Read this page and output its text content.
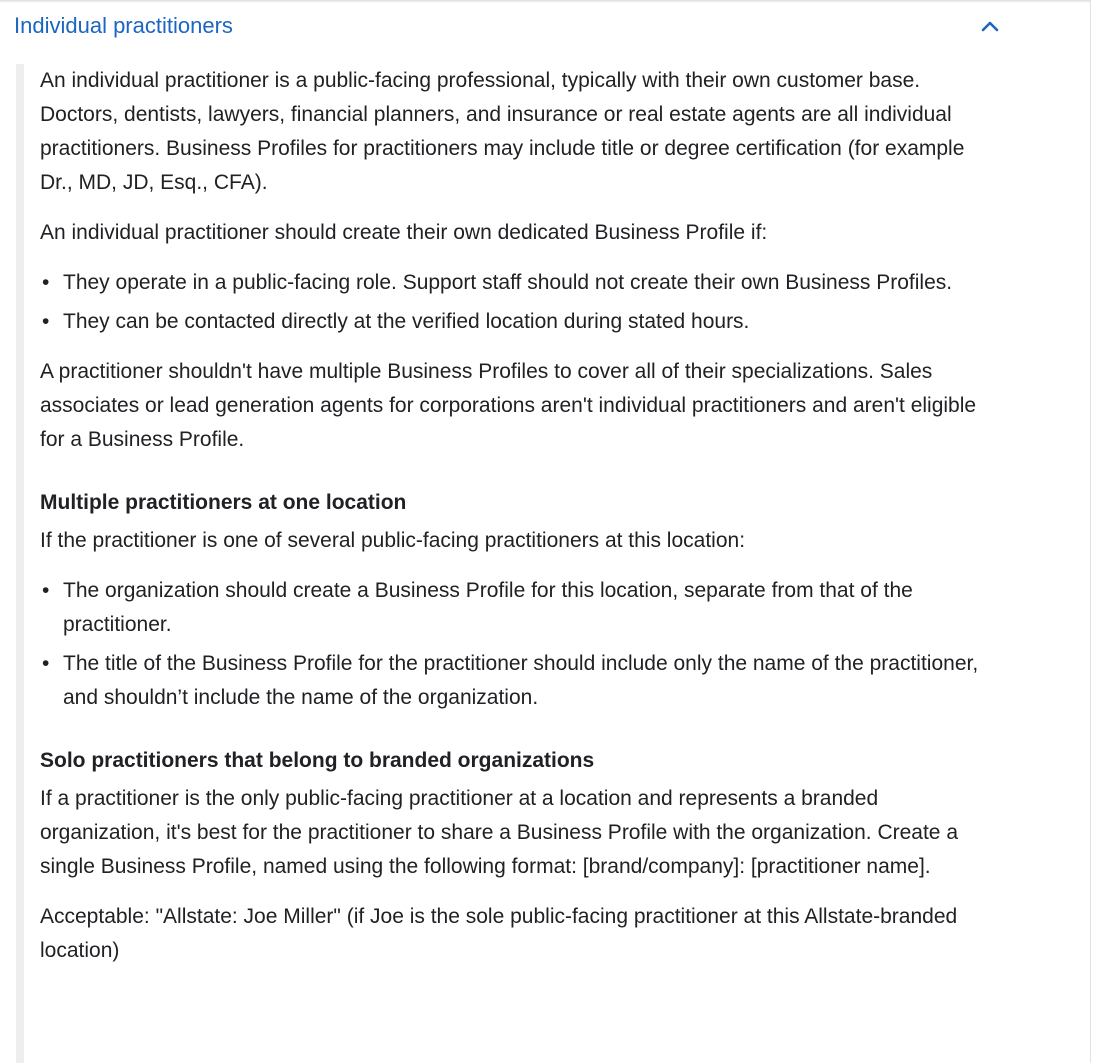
Individual practitioners

An individual practitioner is a public-facing professional, typically with their own customer base. Doctors, dentists, lawyers, financial planners, and insurance or real estate agents are all individual practitioners. Business Profiles for practitioners may include title or degree certification (for example Dr., MD, JD, Esq., CFA).

An individual practitioner should create their own dedicated Business Profile if:

• They operate in a public-facing role. Support staff should not create their own Business Profiles.
• They can be contacted directly at the verified location during stated hours.

A practitioner shouldn't have multiple Business Profiles to cover all of their specializations. Sales associates or lead generation agents for corporations aren't individual practitioners and aren't eligible for a Business Profile.

Multiple practitioners at one location

If the practitioner is one of several public-facing practitioners at this location:

• The organization should create a Business Profile for this location, separate from that of the practitioner.
• The title of the Business Profile for the practitioner should include only the name of the practitioner, and shouldn’t include the name of the organization.
Solo practitioners that belong to branded organizations

If a practitioner is the only public-facing practitioner at a location and represents a branded organization, it's best for the practitioner to share a Business Profile with the organization. Create a single Business Profile, named using the following format: [brand/company]: [practitioner name].

Acceptable: "Allstate: Joe Miller" (if Joe is the sole public-facing practitioner at this Allstate-branded location)
